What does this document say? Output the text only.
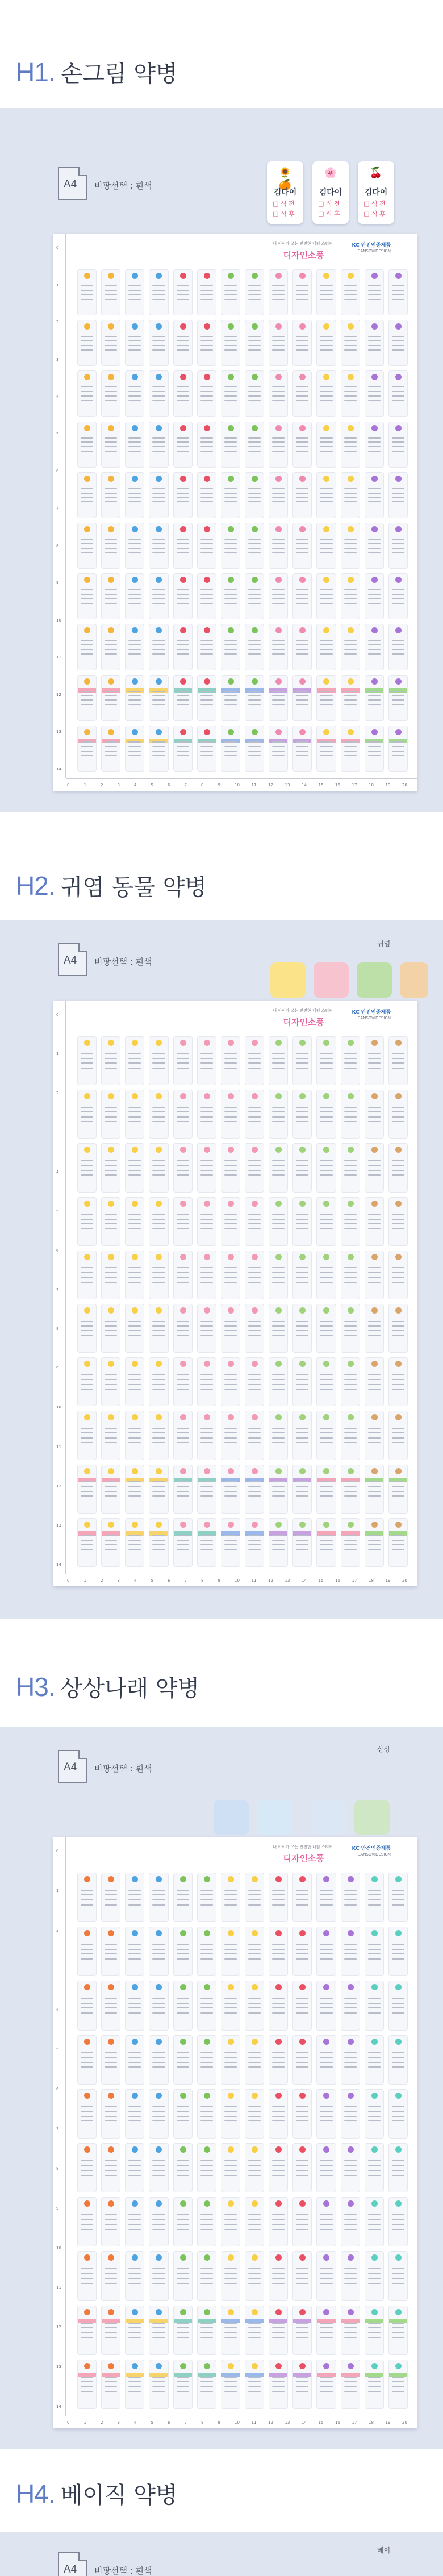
H1. 손그림 약병
A4 비팡선택 : 흰색
🌻🍊
김다이
□ 식 전
□ 식 후
🌸
김다이
□ 식 전
□ 식 후
🍒
김다이
□ 식 전
□ 식 후
내 아이가 쓰는 안전한 네임 스티커
디자인소풍
KC 안전인증제품
SANSOVIDESIGN
0
1
2
3
4
5
6
7
8
9
10
11
12
13
14
0	1	2	3	4	5	6	7	8	9	10	11	12	13	14	15	16	17	18	19	20
H2. 귀염 동물 약병
A4 비팡선택 : 흰색
귀염
내 아이가 쓰는 안전한 네임 스티커
디자인소풍
KC 안전인증제품
SANSOVIDESIGN
0
1
2
3
4
5
6
7
8
9
10
11
12
13
14
0	1	2	3	4	5	6	7	8	9	10	11	12	13	14	15	16	17	18	19	20
H3. 상상나래 약병
A4 비팡선택 : 흰색
상상
내 아이가 쓰는 안전한 네임 스티커
디자인소풍
KC 안전인증제품
SANSOVIDESIGN
0
1
2
3
4
5
6
7
8
9
10
11
12
13
14
0	1	2	3	4	5	6	7	8	9	10	11	12	13	14	15	16	17	18	19	20
H4. 베이직 약병
A4 비팡선택 : 흰색
베이
